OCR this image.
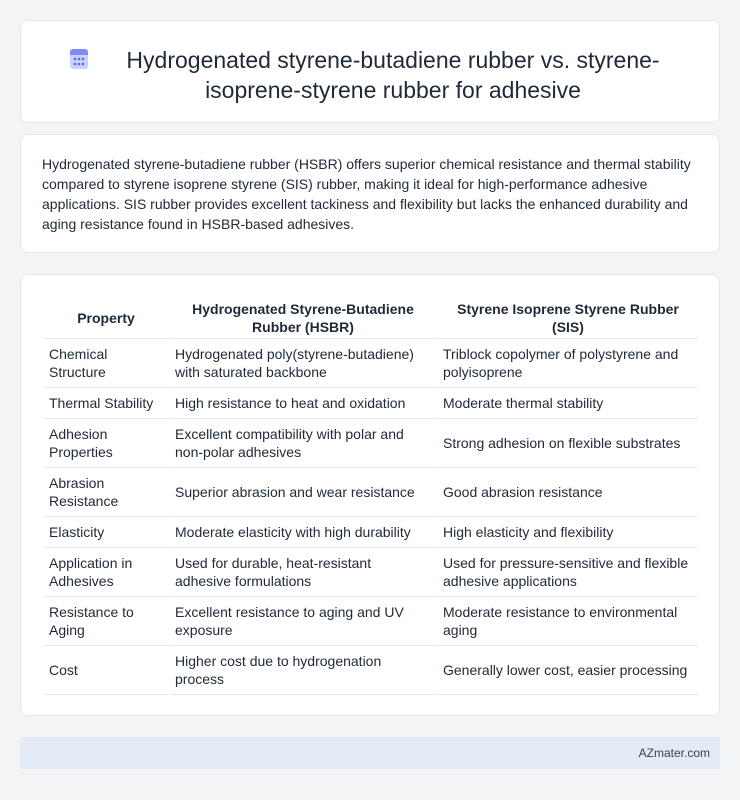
Hydrogenated styrene-butadiene rubber vs. styrene-isoprene-styrene rubber for adhesive

Hydrogenated styrene-butadiene rubber (HSBR) offers superior chemical resistance and thermal stability compared to styrene isoprene styrene (SIS) rubber, making it ideal for high-performance adhesive applications. SIS rubber provides excellent tackiness and flexibility but lacks the enhanced durability and aging resistance found in HSBR-based adhesives.

Property	Hydrogenated Styrene-Butadiene Rubber (HSBR)	Styrene Isoprene Styrene Rubber (SIS)
Chemical Structure	Hydrogenated poly(styrene-butadiene) with saturated backbone	Triblock copolymer of polystyrene and polyisoprene
Thermal Stability	High resistance to heat and oxidation	Moderate thermal stability
Adhesion Properties	Excellent compatibility with polar and non-polar adhesives	Strong adhesion on flexible substrates
Abrasion Resistance	Superior abrasion and wear resistance	Good abrasion resistance
Elasticity	Moderate elasticity with high durability	High elasticity and flexibility
Application in Adhesives	Used for durable, heat-resistant adhesive formulations	Used for pressure-sensitive and flexible adhesive applications
Resistance to Aging	Excellent resistance to aging and UV exposure	Moderate resistance to environmental aging
Cost	Higher cost due to hydrogenation process	Generally lower cost, easier processing
AZmater.com
